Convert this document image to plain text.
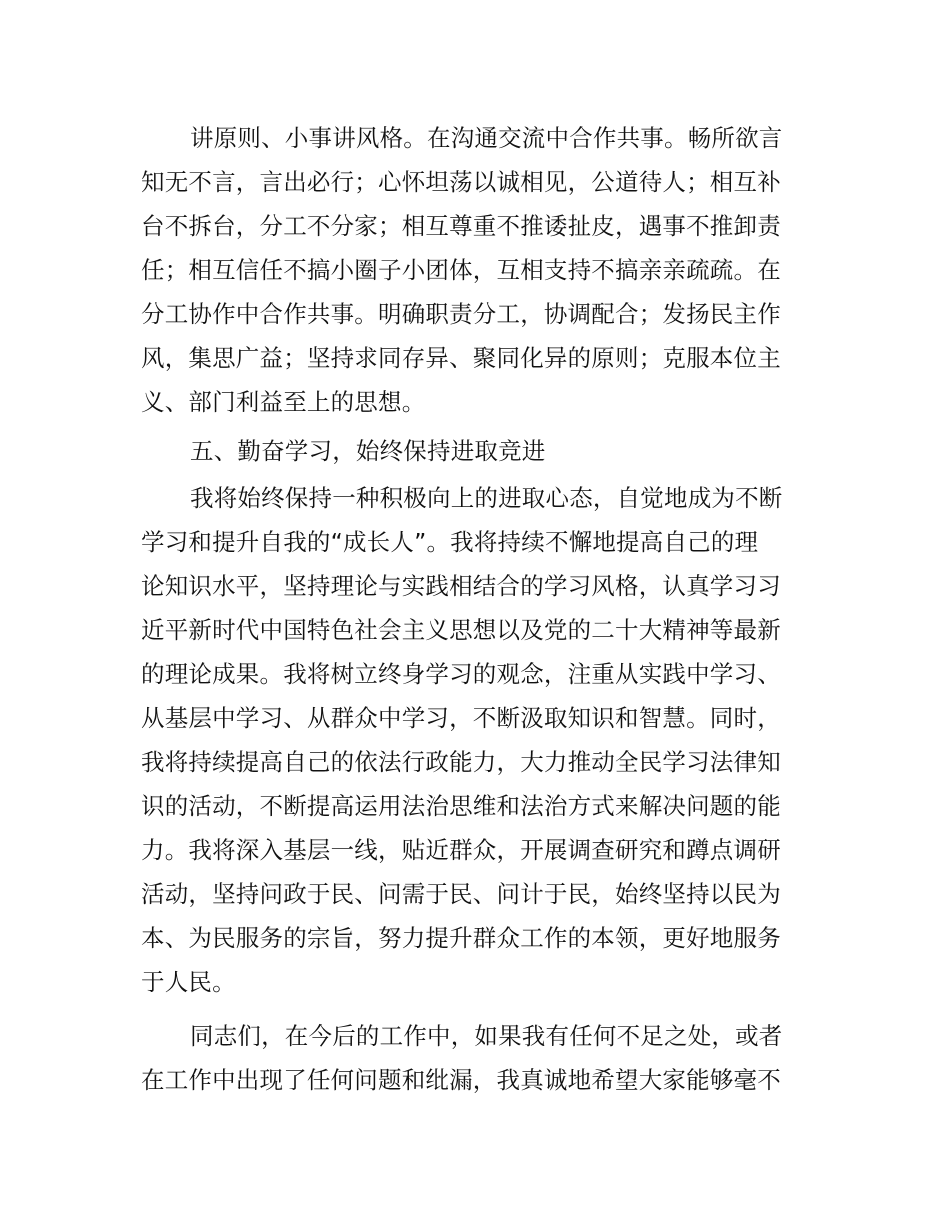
讲原则、小事讲风格。在沟通交流中合作共事。畅所欲言
知无不言，言出必行；心怀坦荡以诚相见，公道待人；相互补
台不拆台，分工不分家；相互尊重不推诿扯皮，遇事不推卸责
任；相互信任不搞小圈子小团体，互相支持不搞亲亲疏疏。在
分工协作中合作共事。明确职责分工，协调配合；发扬民主作
风，集思广益；坚持求同存异、聚同化异的原则；克服本位主
义、部门利益至上的思想。
五、勤奋学习，始终保持进取竞进
我将始终保持一种积极向上的进取心态，自觉地成为不断
学习和提升自我的“成长人”。我将持续不懈地提高自己的理
论知识水平，坚持理论与实践相结合的学习风格，认真学习习
近平新时代中国特色社会主义思想以及党的二十大精神等最新
的理论成果。我将树立终身学习的观念，注重从实践中学习、
从基层中学习、从群众中学习，不断汲取知识和智慧。同时，
我将持续提高自己的依法行政能力，大力推动全民学习法律知
识的活动，不断提高运用法治思维和法治方式来解决问题的能
力。我将深入基层一线，贴近群众，开展调查研究和蹲点调研
活动，坚持问政于民、问需于民、问计于民，始终坚持以民为
本、为民服务的宗旨，努力提升群众工作的本领，更好地服务
于人民。
同志们，在今后的工作中，如果我有任何不足之处，或者
在工作中出现了任何问题和纰漏，我真诚地希望大家能够毫不
